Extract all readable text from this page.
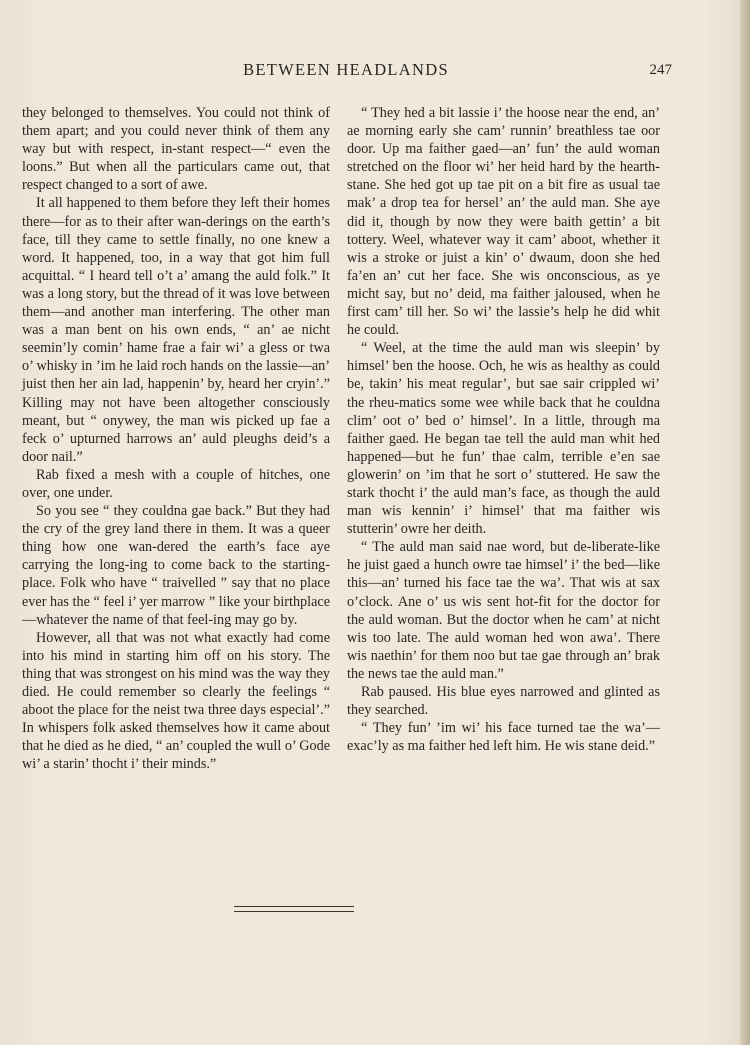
BETWEEN HEADLANDS	247

they belonged to themselves. You could not think of them apart; and you could never think of them any way but with respect, in-stant respect—“ even the loons.” But when all the particulars came out, that respect changed to a sort of awe.

It all happened to them before they left their homes there—for as to their after wan-derings on the earth’s face, till they came to settle finally, no one knew a word. It happened, too, in a way that got him full acquittal. “ I heard tell o’t a’ amang the auld folk.” It was a long story, but the thread of it was love between them—and another man interfering. The other man was a man bent on his own ends, “ an’ ae nicht seemin’ly comin’ hame frae a fair wi’ a gless or twa o’ whisky in ’im he laid roch hands on the lassie—an’ juist then her ain lad, happenin’ by, heard her cryin’.” Killing may not have been altogether consciously meant, but “ onywey, the man wis picked up fae a feck o’ upturned harrows an’ auld pleughs deid’s a door nail.”

Rab fixed a mesh with a couple of hitches, one over, one under.

So you see “ they couldna gae back.” But they had the cry of the grey land there in them. It was a queer thing how one wan-dered the earth’s face aye carrying the long-ing to come back to the starting-place. Folk who have “ traivelled ” say that no place ever has the “ feel i’ yer marrow ” like your birthplace—whatever the name of that feel-ing may go by.

However, all that was not what exactly had come into his mind in starting him off on his story. The thing that was strongest on his mind was the way they died. He could remember so clearly the feelings “ aboot the place for the neist twa three days especial’.” In whispers folk asked themselves how it came about that he died as he died, “ an’ coupled the wull o’ Gode wi’ a starin’ thocht i’ their minds.”

“ They hed a bit lassie i’ the hoose near the end, an’ ae morning early she cam’ runnin’ breathless tae oor door. Up ma faither gaed—an’ fun’ the auld woman stretched on the floor wi’ her heid hard by the hearth-stane. She hed got up tae pit on a bit fire as usual tae mak’ a drop tea for hersel’ an’ the auld man. She aye did it, though by now they were baith gettin’ a bit tottery. Weel, whatever way it cam’ aboot, whether it wis a stroke or juist a kin’ o’ dwaum, doon she hed fa’en an’ cut her face. She wis onconscious, as ye micht say, but no’ deid, ma faither jaloused, when he first cam’ till her. So wi’ the lassie’s help he did whit he could.

“ Weel, at the time the auld man wis sleepin’ by himsel’ ben the hoose. Och, he wis as healthy as could be, takin’ his meat regular’, but sae sair crippled wi’ the rheu-matics some wee while back that he couldna clim’ oot o’ bed o’ himsel’. In a little, through ma faither gaed. He began tae tell the auld man whit hed happened—but he fun’ thae calm, terrible e’en sae glowerin’ on ’im that he sort o’ stuttered. He saw the stark thocht i’ the auld man’s face, as though the auld man wis kennin’ i’ himsel’ that ma faither wis stutterin’ owre her deith.

“ The auld man said nae word, but de-liberate-like he juist gaed a hunch owre tae himsel’ i’ the bed—like this—an’ turned his face tae the wa’. That wis at sax o’clock. Ane o’ us wis sent hot-fit for the doctor for the auld woman. But the doctor when he cam’ at nicht wis too late. The auld woman hed won awa’. There wis naethin’ for them noo but tae gae through an’ brak the news tae the auld man.”

Rab paused. His blue eyes narrowed and glinted as they searched.

“ They fun’ ’im wi’ his face turned tae the wa’—exac’ly as ma faither hed left him. He wis stane deid.”
